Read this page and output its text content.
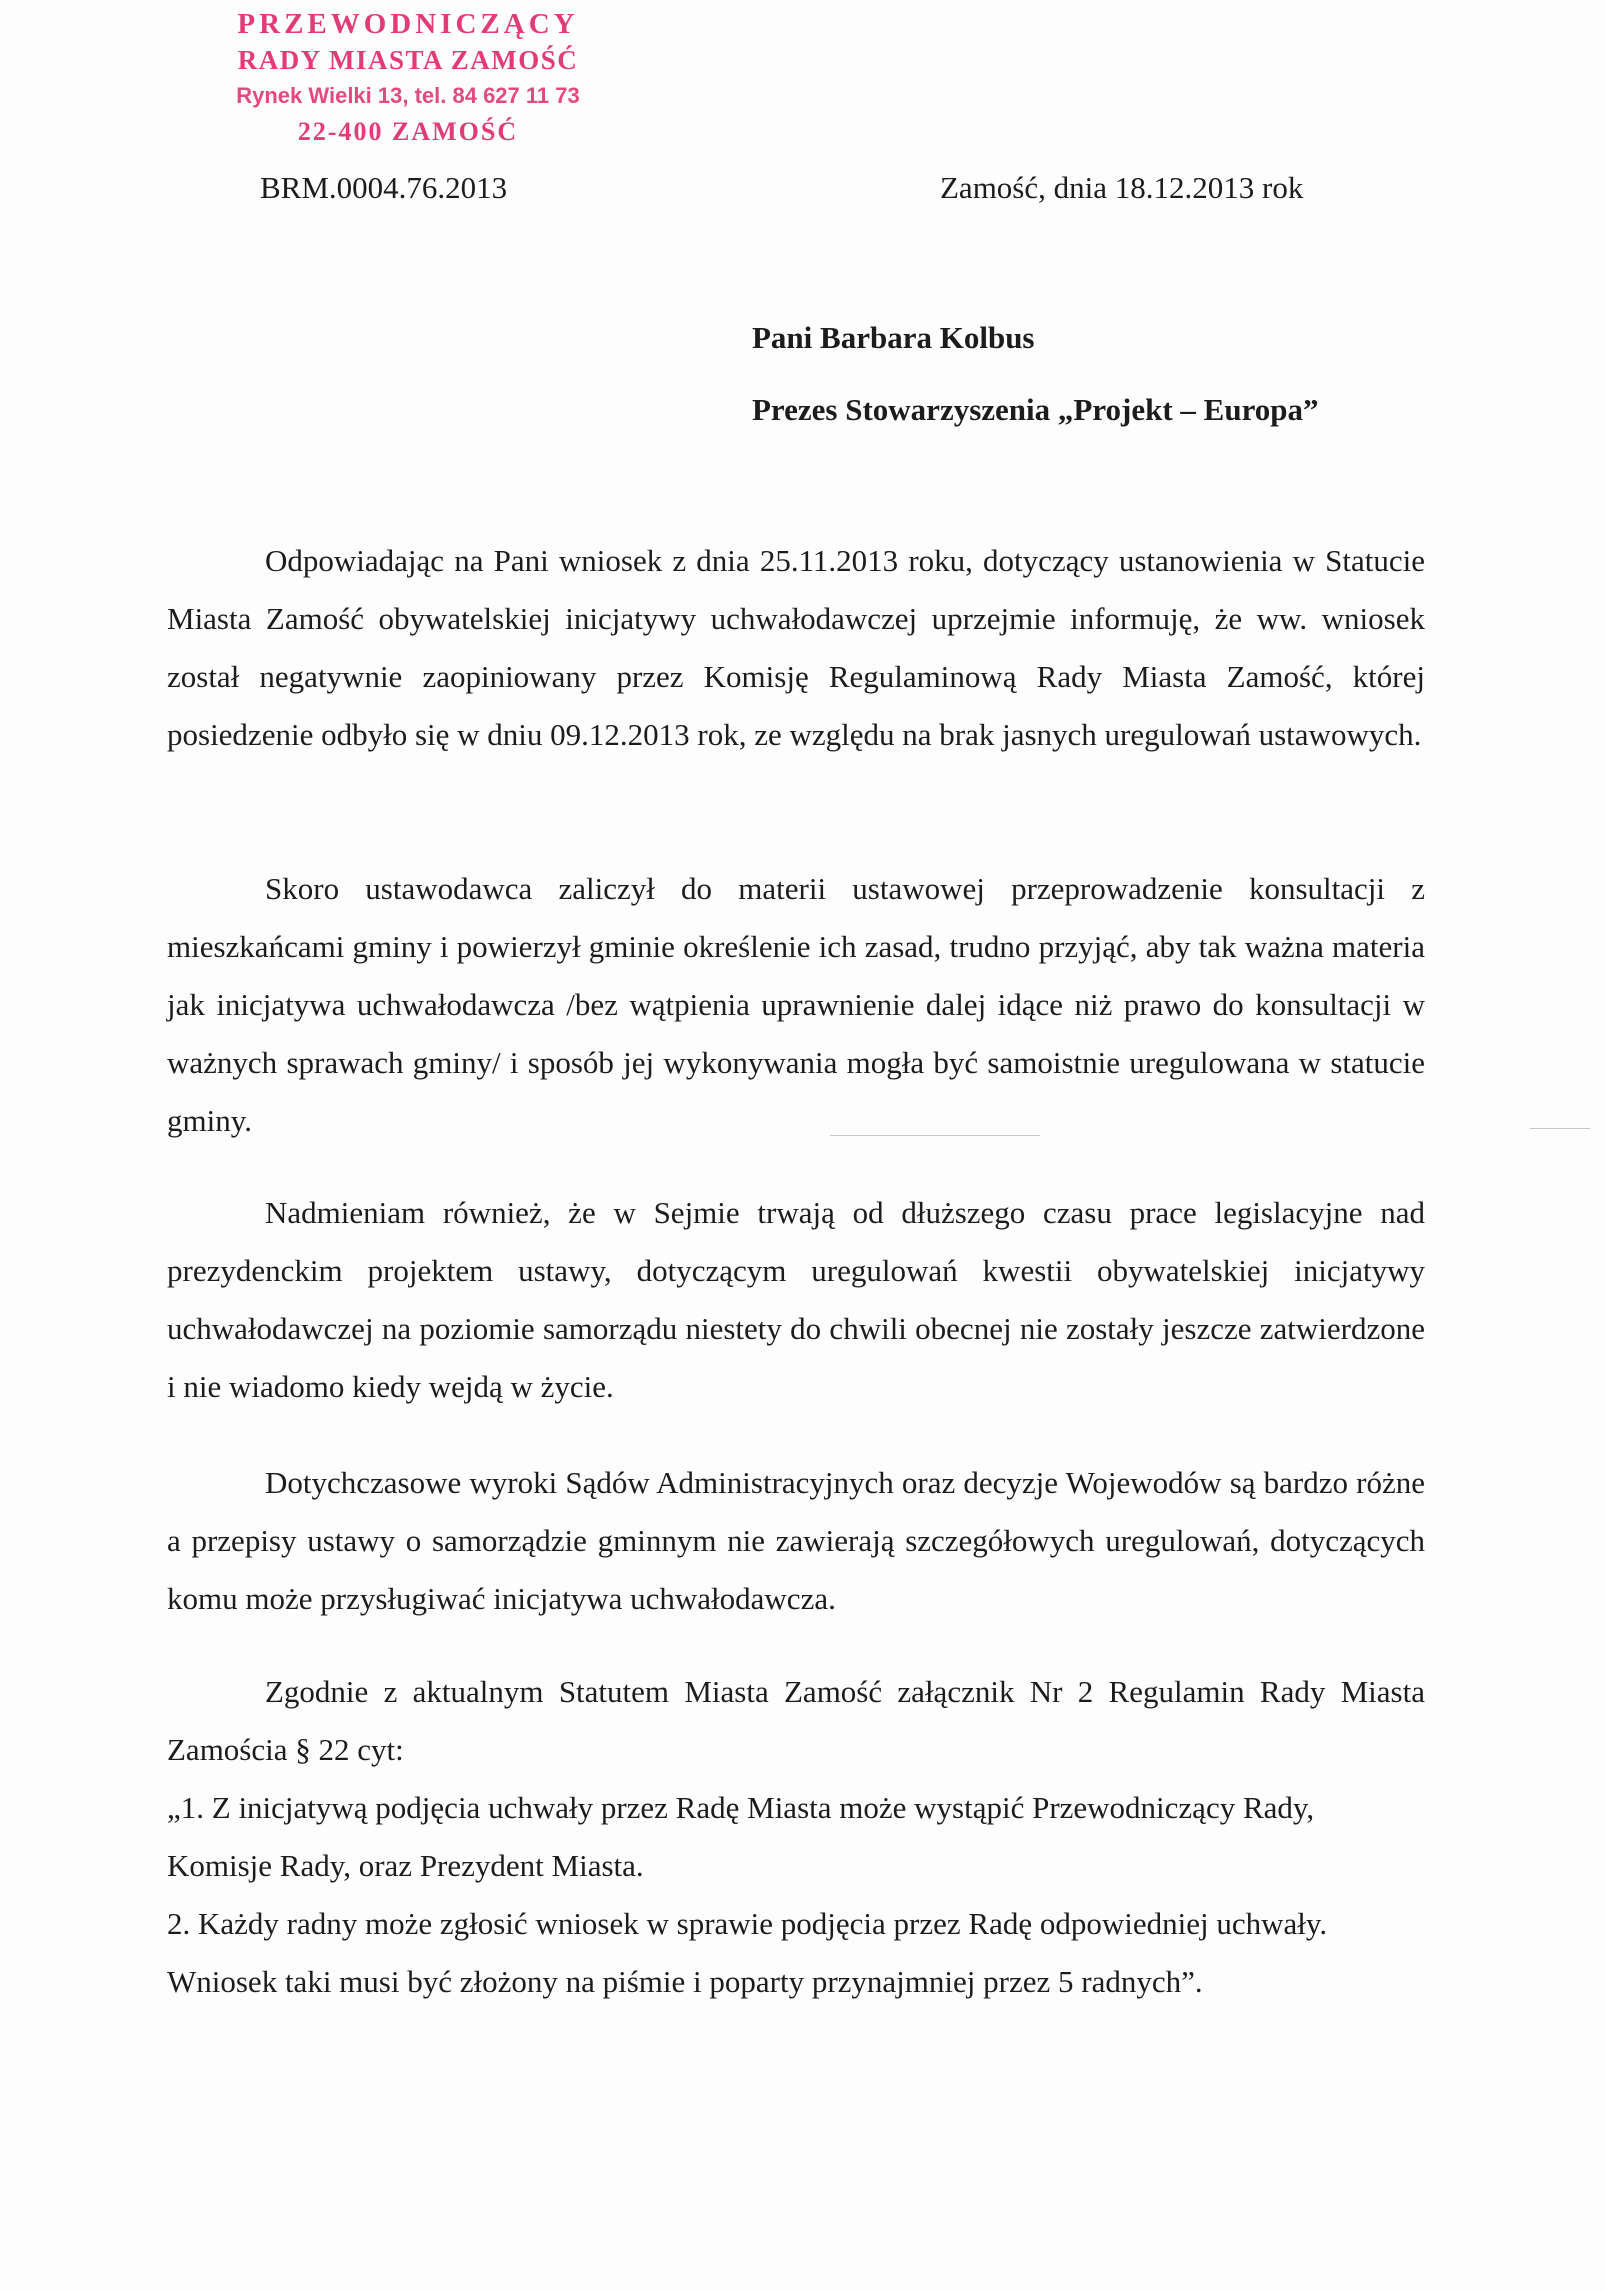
PRZEWODNICZĄCY
RADY MIASTA ZAMOŚĆ
Rynek Wielki 13, tel. 84 627 11 73
22-400 ZAMOŚĆ
BRM.0004.76.2013	Zamość, dnia 18.12.2013 rok
Pani Barbara Kolbus
Prezes Stowarzyszenia „Projekt – Europa”

Odpowiadając na Pani wniosek z dnia 25.11.2013 roku, dotyczący ustanowienia w Statucie Miasta Zamość obywatelskiej inicjatywy uchwałodawczej uprzejmie informuję, że ww. wniosek został negatywnie zaopiniowany przez Komisję Regulaminową Rady Miasta Zamość, której posiedzenie odbyło się w dniu 09.12.2013 rok, ze względu na brak jasnych uregulowań ustawowych.

Skoro ustawodawca zaliczył do materii ustawowej przeprowadzenie konsultacji z mieszkańcami gminy i powierzył gminie określenie ich zasad, trudno przyjąć, aby tak ważna materia jak inicjatywa uchwałodawcza /bez wątpienia uprawnienie dalej idące niż prawo do konsultacji w ważnych sprawach gminy/ i sposób jej wykonywania mogła być samoistnie uregulowana w statucie gminy.

Nadmieniam również, że w Sejmie trwają od dłuższego czasu prace legislacyjne nad prezydenckim projektem ustawy, dotyczącym uregulowań kwestii obywatelskiej inicjatywy uchwałodawczej na poziomie samorządu niestety do chwili obecnej nie zostały jeszcze zatwierdzone i nie wiadomo kiedy wejdą w życie.

Dotychczasowe wyroki Sądów Administracyjnych oraz decyzje Wojewodów są bardzo różne a przepisy ustawy o samorządzie gminnym nie zawierają szczegółowych uregulowań, dotyczących komu może przysługiwać inicjatywa uchwałodawcza.

Zgodnie z aktualnym Statutem Miasta Zamość załącznik Nr 2 Regulamin Rady Miasta Zamościa § 22 cyt:

„1. Z inicjatywą podjęcia uchwały przez Radę Miasta może wystąpić Przewodniczący Rady, Komisje Rady, oraz Prezydent Miasta.

2. Każdy radny może zgłosić wniosek w sprawie podjęcia przez Radę odpowiedniej uchwały. Wniosek taki musi być złożony na piśmie i poparty przynajmniej przez 5 radnych”.
